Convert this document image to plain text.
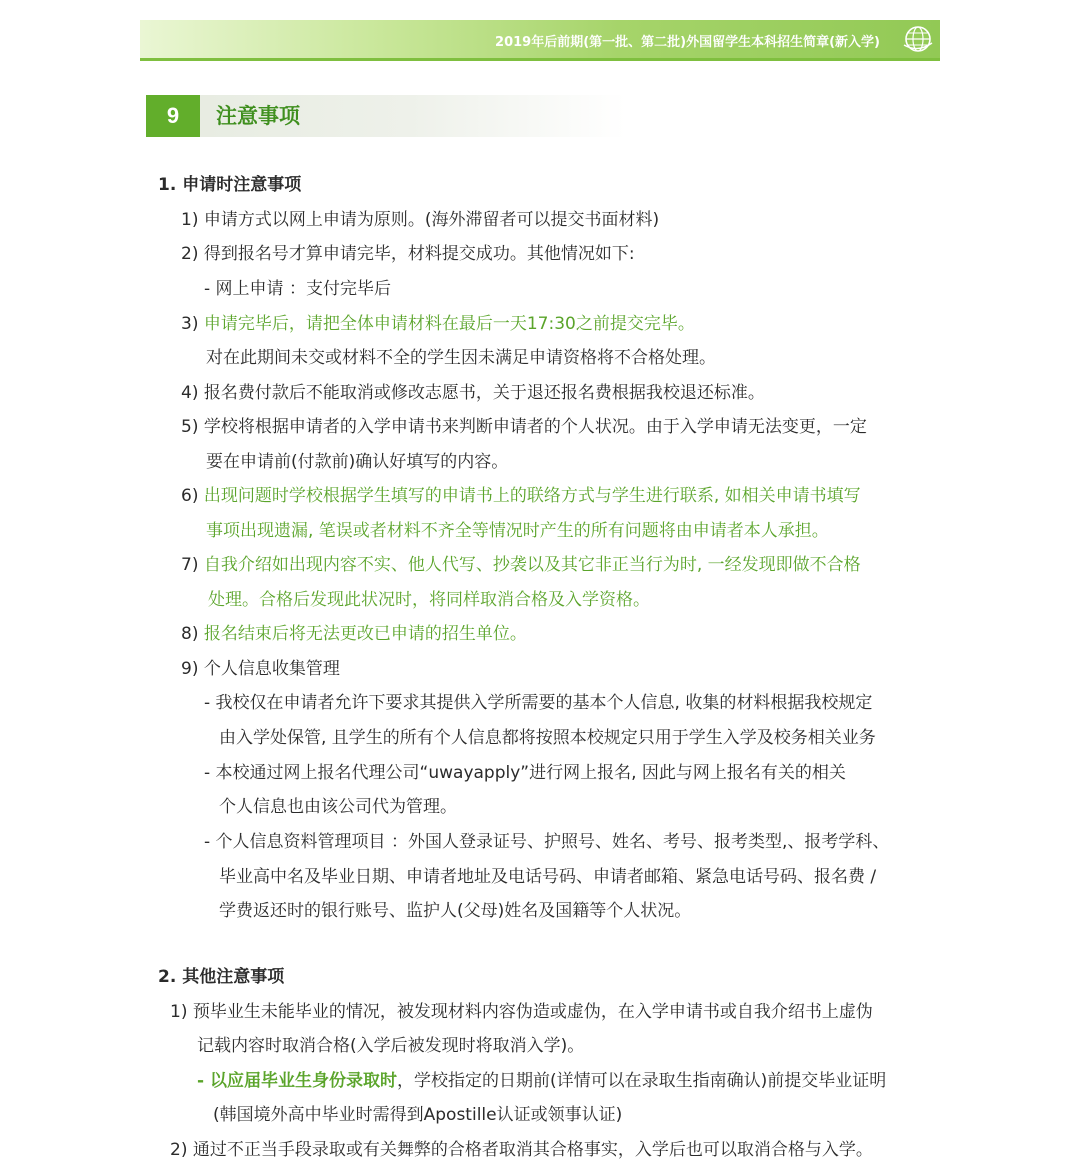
2019年后前期(第一批、第二批)外国留学生本科招生简章(新入学)
9	注意事项
1. 申请时注意事项
1) 申请方式以网上申请为原则。(海外滞留者可以提交书面材料)
2) 得到报名号才算申请完毕，材料提交成功。其他情况如下:
- 网上申请 ：支付完毕后
3) 申请完毕后，请把全体申请材料在最后一天17:30之前提交完毕。
对在此期间未交或材料不全的学生因未满足申请资格将不合格处理。
4) 报名费付款后不能取消或修改志愿书，关于退还报名费根据我校退还标准。
5) 学校将根据申请者的入学申请书来判断申请者的个人状况。由于入学申请无法变更，一定
要在申请前(付款前)确认好填写的内容。
6) 出现问题时学校根据学生填写的申请书上的联络方式与学生进行联系, 如相关申请书填写
事项出现遗漏, 笔误或者材料不齐全等情况时产生的所有问题将由申请者本人承担。
7) 自我介绍如出现内容不实、他人代写、抄袭以及其它非正当行为时, 一经发现即做不合格
处理。合格后发现此状况时，将同样取消合格及入学资格。
8) 报名结束后将无法更改已申请的招生单位。
9) 个人信息收集管理
- 我校仅在申请者允许下要求其提供入学所需要的基本个人信息, 收集的材料根据我校规定
由入学处保管, 且学生的所有个人信息都将按照本校规定只用于学生入学及校务相关业务
- 本校通过网上报名代理公司“uwayapply”进行网上报名, 因此与网上报名有关的相关
个人信息也由该公司代为管理。
- 个人信息资料管理项目 ：外国人登录证号、护照号、姓名、考号、报考类型,、报考学科、
毕业高中名及毕业日期、申请者地址及电话号码、申请者邮箱、紧急电话号码、报名费 /
学费返还时的银行账号、监护人(父母)姓名及国籍等个人状况。
2. 其他注意事项
1) 预毕业生未能毕业的情况，被发现材料内容伪造或虚伪，在入学申请书或自我介绍书上虚伪
记载内容时取消合格(入学后被发现时将取消入学)。
- 以应届毕业生身份录取时，学校指定的日期前(详情可以在录取生指南确认)前提交毕业证明
(韩国境外高中毕业时需得到Apostille认证或领事认证)
2) 通过不正当手段录取或有关舞弊的合格者取消其合格事实，入学后也可以取消合格与入学。
